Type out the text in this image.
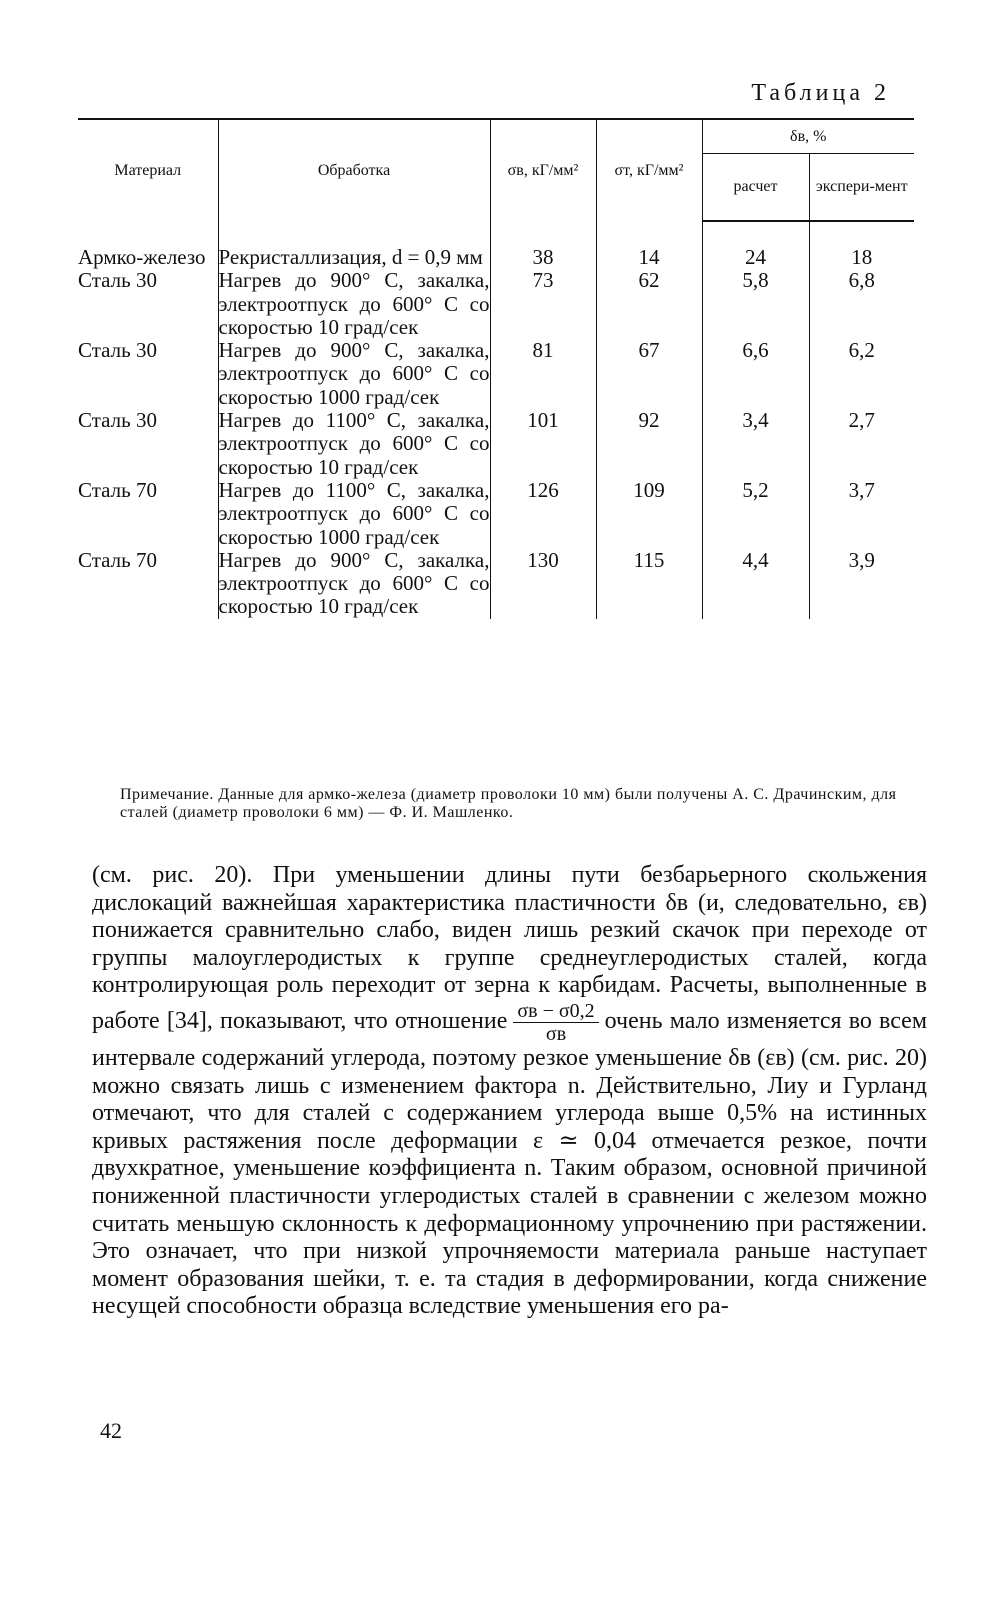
Таблица 2
Материал	Обработка	σв, кГ/мм²	σт, кГ/мм²	δв, %	
				расчет	экспери-мент

Армко-железо	Рекристаллизация, d = 0,9 мм	38	14	24	18
Сталь 30	Нагрев до 900° С, закалка, электроотпуск до 600° С со скоростью 10 град/сек	73	62	5,8	6,8
Сталь 30	Нагрев до 900° С, закалка, электроотпуск до 600° С со скоростью 1000 град/сек	81	67	6,6	6,2
Сталь 30	Нагрев до 1100° С, закалка, электроотпуск до 600° С со скоростью 10 град/сек	101	92	3,4	2,7
Сталь 70	Нагрев до 1100° С, закалка, электроотпуск до 600° С со скоростью 1000 град/сек	126	109	5,2	3,7
Сталь 70	Нагрев до 900° С, закалка, электроотпуск до 600° С со скоростью 10 град/сек	130	115	4,4	3,9
Примечание. Данные для армко-железа (диаметр проволоки 10 мм) были получены А. С. Драчинским, для сталей (диаметр проволоки 6 мм) — Ф. И. Машленко.

(см. рис. 20). При уменьшении длины пути безбарьерного скольжения дислокаций важнейшая характеристика пластичности δв (и, следовательно, εв) понижается сравнительно слабо, виден лишь резкий скачок при переходе от группы малоуглеродистых к группе среднеуглеродистых сталей, когда контролирующая роль переходит от зерна к карбидам. Расчеты, выполненные в работе [34], показывают, что отношение $\frac{\sigma в - \sigma 0,2}{\sigma в}$ очень мало изменяется во всем интервале содержаний углерода, поэтому резкое уменьшение δв (εв) (см. рис. 20) можно связать лишь с изменением фактора n. Действительно, Лиу и Гурланд отмечают, что для сталей с содержанием углерода выше 0,5% на истинных кривых растяжения после деформации ε ≃ 0,04 отмечается резкое, почти двухкратное, уменьшение коэффициента n. Таким образом, основной причиной пониженной пластичности углеродистых сталей в сравнении с железом можно считать меньшую склонность к деформационному упрочнению при растяжении. Это означает, что при низкой упрочняемости материала раньше наступает момент образования шейки, т. е. та стадия в деформировании, когда снижение несущей способности образца вследствие уменьшения его ра-

42
